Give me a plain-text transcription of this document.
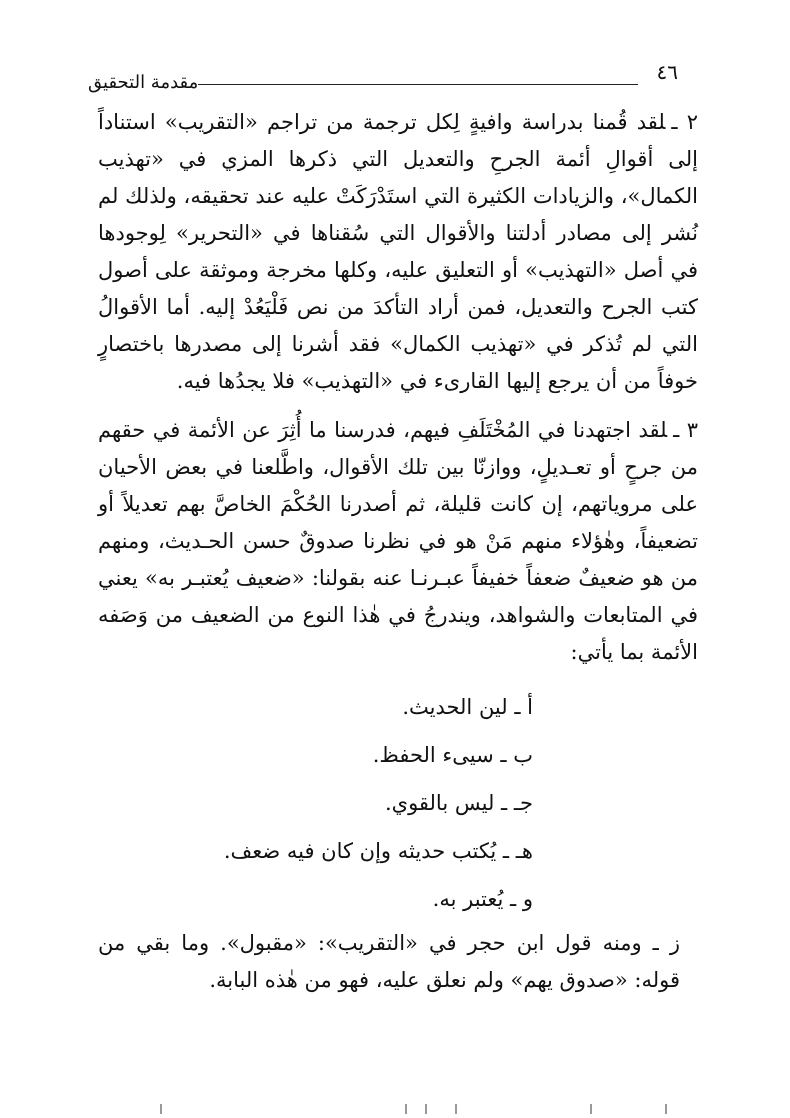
٤٦
مقدمة التحقيق

٢ ـلقد قُمنا بدراسة وافيةٍ لِكل ترجمة من تراجم «التقريب» استناداً إلى أقوالِ أئمة الجرحِ والتعديل التي ذكرها المزي في «تهذيب الكمال»، والزيادات الكثيرة التي استَدْرَكَتْ عليه عند تحقيقه، ولذلك لم نُشر إلى مصادر أدلتنا والأقوال التي سُقناها في «التحرير» لِوجودها في أصل «التهذيب» أو التعليق عليه، وكلها مخرجة وموثقة على أصول كتب الجرح والتعديل، فمن أراد التأكدَ من نص فَلْيَعُدْ إليه. أما الأقوالُ التي لم تُذكر في «تهذيب الكمال» فقد أشرنا إلى مصدرها باختصارٍ خوفاً من أن يرجع إليها القارىء في «التهذيب» فلا يجدُها فيه.

٣ ـلقد اجتهدنا في المُخْتَلَفِ فيهم، فدرسنا ما أُثِرَ عن الأئمة في حقهم من جرحٍ أو تعـديلٍ، ووازنّا بين تلك الأقوال، واطَّلعنا في بعض الأحيان على مروياتهم، إن كانت قليلة، ثم أصدرنا الحُكْمَ الخاصَّ بهم تعديلاً أو تضعيفاً، وهٰؤلاء منهم مَنْ هو في نظرنا صدوقٌ حسن الحـديث، ومنهم من هو ضعيفٌ ضعفاً خفيفاً عبـرنـا عنه بقولنا: «ضعيف يُعتبـر به» يعني في المتابعات والشواهد، ويندرجُ في هٰذا النوع من الضعيف من وَصَفه الأئمة بما يأتي:

أ ـ لين الحديث.
ب ـ سيىء الحفظ.
جـ ـ ليس بالقوي.
هـ ـ يُكتب حديثه وإن كان فيه ضعف.
و ـ يُعتبر به.

ز ـ ومنه قول ابن حجر في «التقريب»: «مقبول». وما بقي من قوله: «صدوق يهم» ولم نعلق عليه، فهو من هٰذه البابة.
